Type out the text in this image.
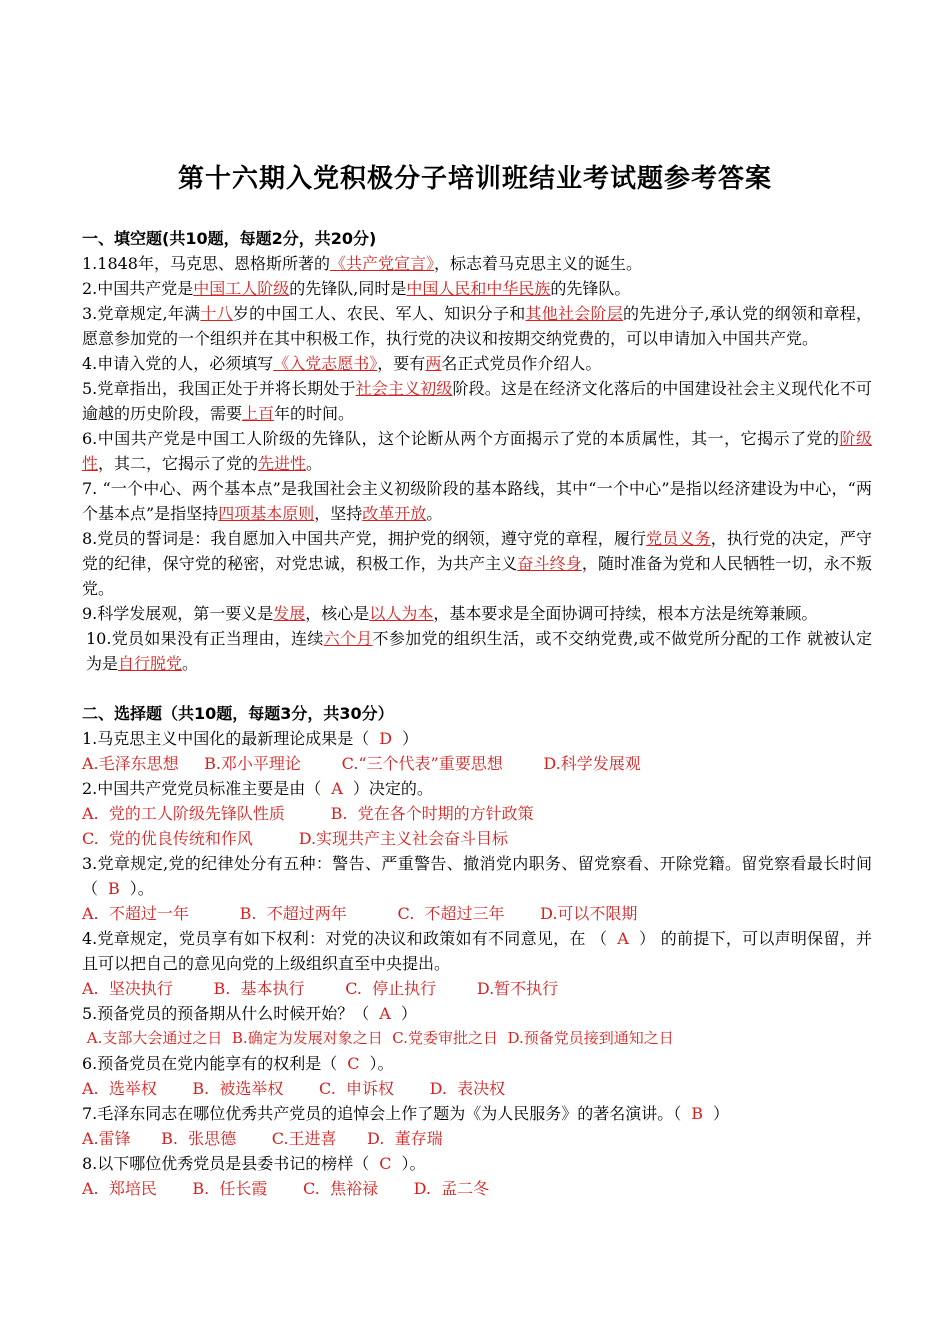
第十六期入党积极分子培训班结业考试题参考答案
一、填空题(共10题，每题2分，共20分)
1.1848年，马克思、恩格斯所著的《共产党宣言》，标志着马克思主义的诞生。
2.中国共产党是中国工人阶级的先锋队,同时是中国人民和中华民族的先锋队。
3.党章规定,年满十八岁的中国工人、农民、军人、知识分子和其他社会阶层的先进分子,承认党的纲领和章程，愿意参加党的一个组织并在其中积极工作，执行党的决议和按期交纳党费的，可以申请加入中国共产党。
4.申请入党的人，必须填写《入党志愿书》，要有两名正式党员作介绍人。
5.党章指出，我国正处于并将长期处于社会主义初级阶段。这是在经济文化落后的中国建设社会主义现代化不可逾越的历史阶段，需要上百年的时间。
6.中国共产党是中国工人阶级的先锋队，这个论断从两个方面揭示了党的本质属性，其一，它揭示了党的阶级性，其二，它揭示了党的先进性。
7. “一个中心、两个基本点”是我国社会主义初级阶段的基本路线，其中“一个中心”是指以经济建设为中心，“两个基本点”是指坚持四项基本原则，坚持改革开放。
8.党员的誓词是：我自愿加入中国共产党，拥护党的纲领，遵守党的章程，履行党员义务，执行党的决定，严守党的纪律，保守党的秘密，对党忠诚，积极工作，为共产主义奋斗终身，随时准备为党和人民牺牲一切，永不叛党。
9.科学发展观，第一要义是发展，核心是以人为本，基本要求是全面协调可持续，根本方法是统筹兼顾。
10.党员如果没有正当理由，连续六个月不参加党的组织生活，或不交纳党费,或不做党所分配的工作 就被认定为是自行脱党。
二、选择题（共10题，每题3分，共30分）
1.马克思主义中国化的最新理论成果是（ D ）
A.毛泽东思想     B.邓小平理论        C.“三个代表”重要思想        D.科学发展观
2.中国共产党党员标准主要是由（ A ）决定的。
A.  党的工人阶级先锋队性质         B.  党在各个时期的方针政策
C.  党的优良传统和作风         D.实现共产主义社会奋斗目标
3.党章规定,党的纪律处分有五种：警告、严重警告、撤消党内职务、留党察看、开除党籍。留党察看最长时间（ B ）。
A.  不超过一年          B.  不超过两年          C.  不超过三年       D.可以不限期
4.党章规定，党员享有如下权利：对党的决议和政策如有不同意见，在 （ A ） 的前提下，可以声明保留，并且可以把自己的意见向党的上级组织直至中央提出。
A.  坚决执行        B.  基本执行        C.  停止执行        D.暂不执行
5.预备党员的预备期从什么时候开始？（ A ）
A.支部大会通过之日  B.确定为发展对象之日  C.党委审批之日  D.预备党员接到通知之日
6.预备党员在党内能享有的权利是（ C ）。
A.  选举权       B.  被选举权       C.  申诉权       D.  表决权
7.毛泽东同志在哪位优秀共产党员的追悼会上作了题为《为人民服务》的著名演讲。（ B ）
A.雷锋      B.  张思德       C.王进喜      D.  董存瑞
8.以下哪位优秀党员是县委书记的榜样（ C ）。
A.  郑培民       B.  任长霞       C.  焦裕禄       D.  孟二冬
